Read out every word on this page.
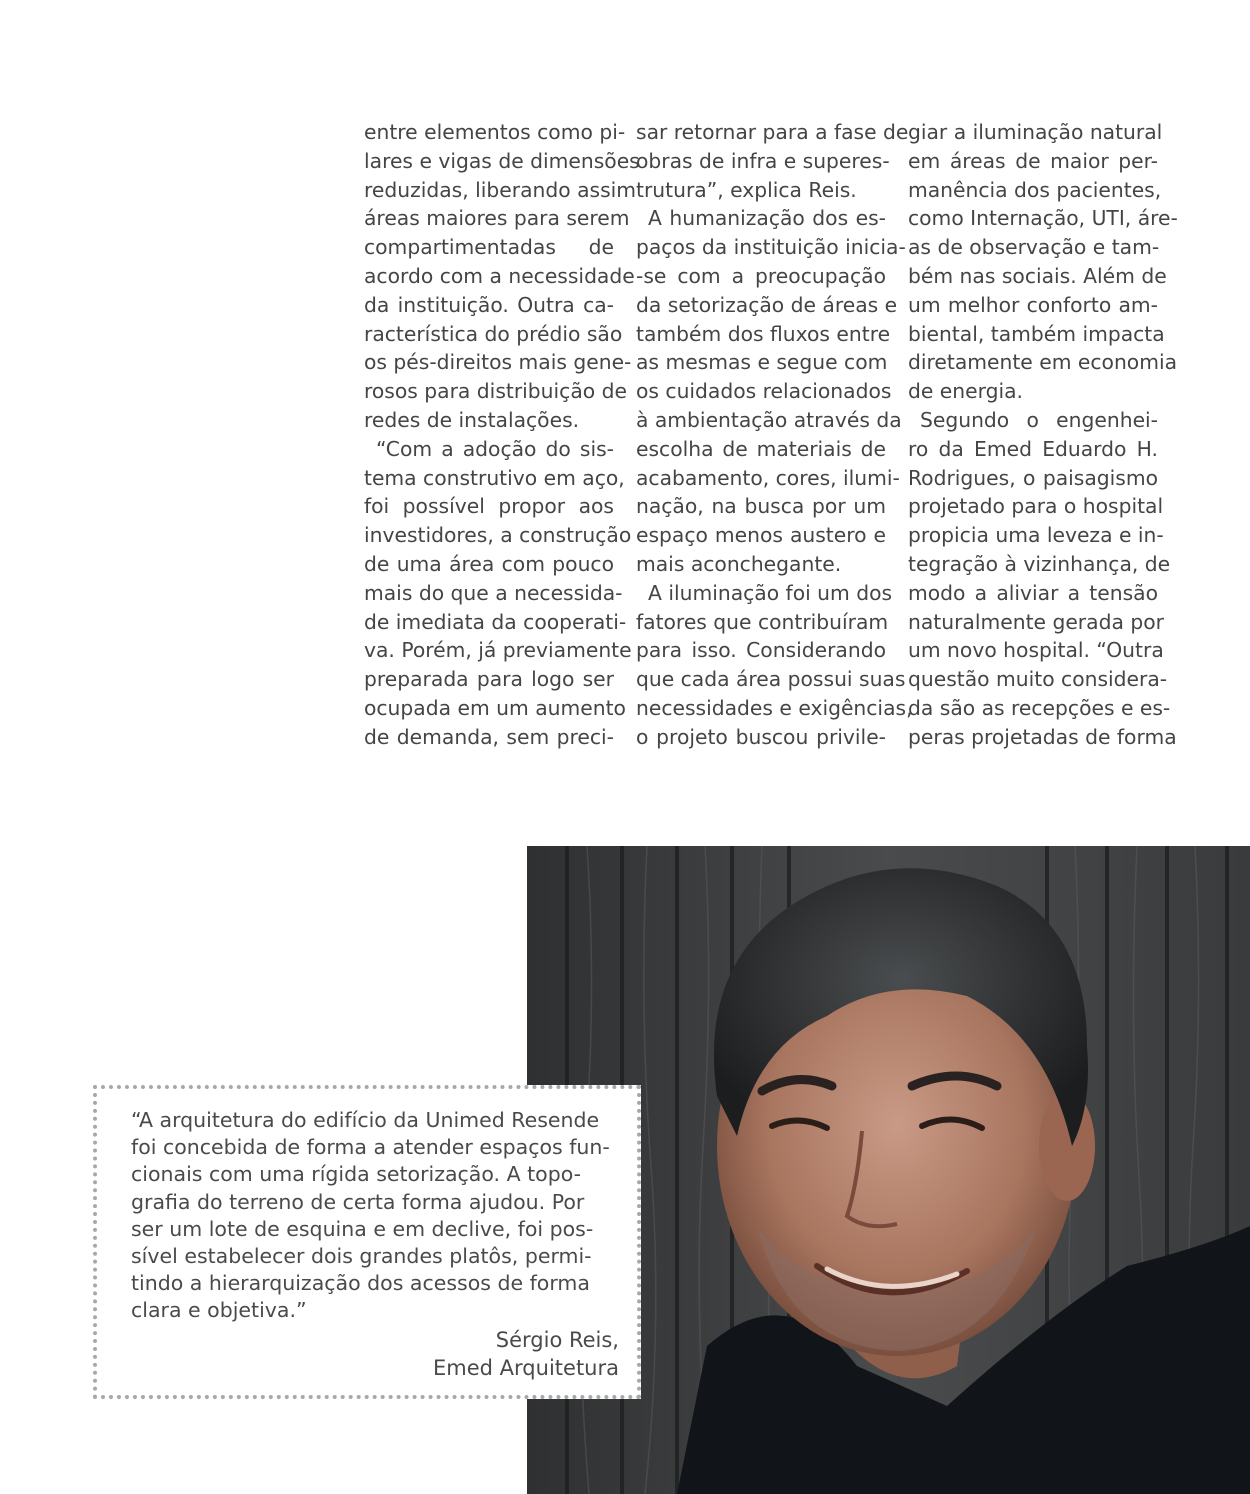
entre elementos como pi-
lares e vigas de dimensões
reduzidas, liberando assim
áreas maiores para serem
compartimentadas de
acordo com a necessidade
da instituição. Outra ca-
racterística do prédio são
os pés-direitos mais gene-
rosos para distribuição de
redes de instalações.
“Com a adoção do sis-
tema construtivo em aço,
foi possível propor aos
investidores, a construção
de uma área com pouco
mais do que a necessida-
de imediata da cooperati-
va. Porém, já previamente
preparada para logo ser
ocupada em um aumento
de demanda, sem preci-
sar retornar para a fase de
obras de infra e superes-
trutura”, explica Reis.
A humanização dos es-
paços da instituição inicia-
-se com a preocupação
da setorização de áreas e
também dos fluxos entre
as mesmas e segue com
os cuidados relacionados
à ambientação através da
escolha de materiais de
acabamento, cores, ilumi-
nação, na busca por um
espaço menos austero e
mais aconchegante.
A iluminação foi um dos
fatores que contribuíram
para isso. Considerando
que cada área possui suas
necessidades e exigências,
o projeto buscou privile-
giar a iluminação natural
em áreas de maior per-
manência dos pacientes,
como Internação, UTI, áre-
as de observação e tam-
bém nas sociais. Além de
um melhor conforto am-
biental, também impacta
diretamente em economia
de energia.
Segundo o engenhei-
ro da Emed Eduardo H.
Rodrigues, o paisagismo
projetado para o hospital
propicia uma leveza e in-
tegração à vizinhança, de
modo a aliviar a tensão
naturalmente gerada por
um novo hospital. “Outra
questão muito considera-
da são as recepções e es-
peras projetadas de forma
“A arquitetura do edifício da Unimed Resende
foi concebida de forma a atender espaços fun-
cionais com uma rígida setorização. A topo-
grafia do terreno de certa forma ajudou. Por
ser um lote de esquina e em declive, foi pos-
sível estabelecer dois grandes platôs, permi-
tindo a hierarquização dos acessos de forma
clara e objetiva.”
Sérgio Reis,
Emed Arquitetura
